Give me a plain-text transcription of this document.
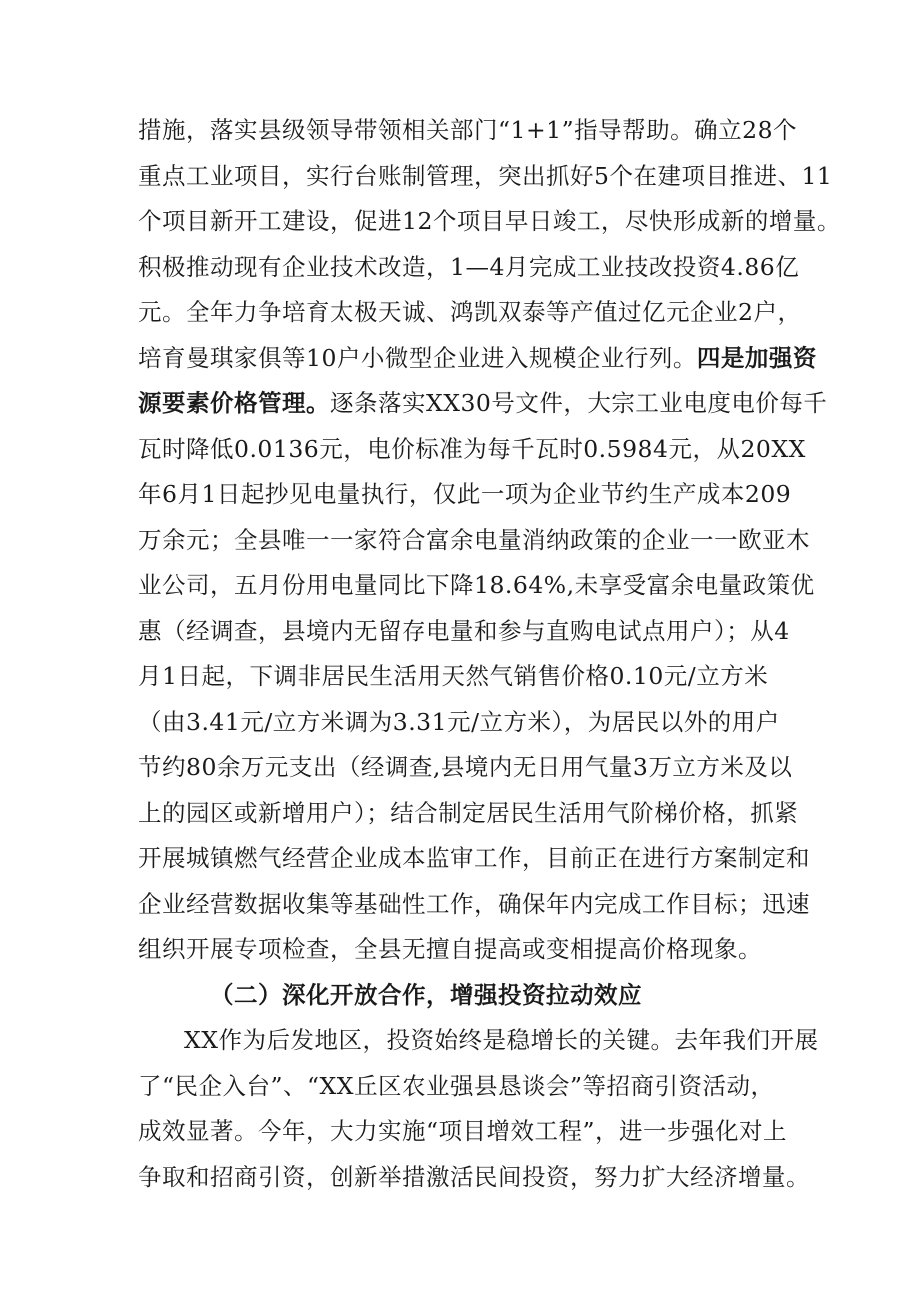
措施，落实县级领导带领相关部门“1+1”指导帮助。确立28个
重点工业项目，实行台账制管理，突出抓好5个在建项目推进、11
个项目新开工建设，促进12个项目早日竣工，尽快形成新的增量。
积极推动现有企业技术改造，1—4月完成工业技改投资4.86亿
元。全年力争培育太极天诚、鸿凯双泰等产值过亿元企业2户，
培育曼琪家俱等10户小微型企业进入规模企业行列。四是加强资
源要素价格管理。逐条落实XX30号文件，大宗工业电度电价每千
瓦时降低0.0136元，电价标准为每千瓦时0.5984元，从20XX
年6月1日起抄见电量执行，仅此一项为企业节约生产成本209
万余元；全县唯一一家符合富余电量消纳政策的企业一一欧亚木
业公司，五月份用电量同比下降18.64%,未享受富余电量政策优
惠（经调查，县境内无留存电量和参与直购电试点用户）；从4
月1日起，下调非居民生活用天然气销售价格0.10元/立方米
（由3.41元/立方米调为3.31元/立方米），为居民以外的用户
节约80余万元支出（经调查,县境内无日用气量3万立方米及以
上的园区或新增用户）；结合制定居民生活用气阶梯价格，抓紧
开展城镇燃气经营企业成本监审工作，目前正在进行方案制定和
企业经营数据收集等基础性工作，确保年内完成工作目标；迅速
组织开展专项检查，全县无擅自提高或变相提高价格现象。
（二）深化开放合作，增强投资拉动效应
XX作为后发地区，投资始终是稳增长的关键。去年我们开展
了“民企入台”、“XX丘区农业强县恳谈会”等招商引资活动，
成效显著。今年，大力实施“项目增效工程”，进一步强化对上
争取和招商引资，创新举措激活民间投资，努力扩大经济增量。
